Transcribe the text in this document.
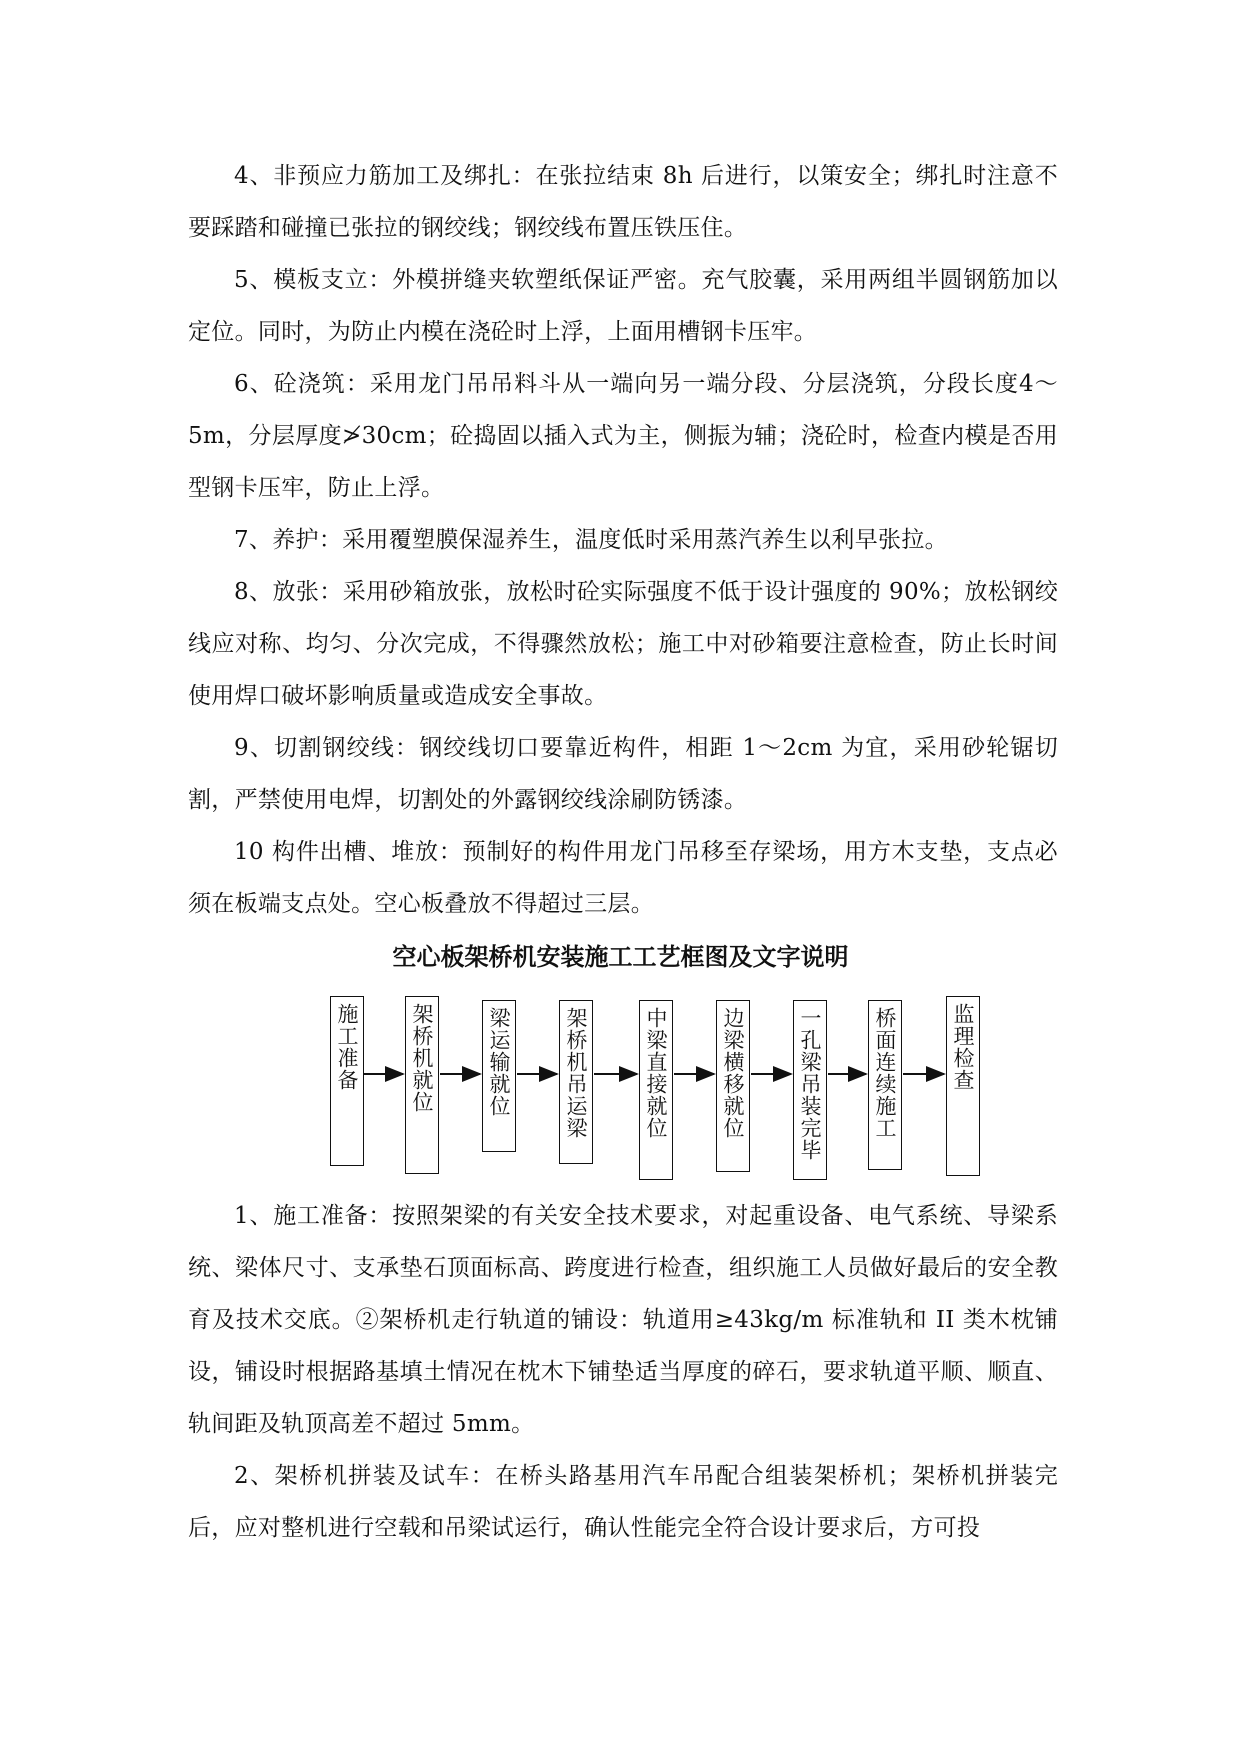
4、非预应力筋加工及绑扎：在张拉结束 8h 后进行，以策安全；绑扎时注意不要踩踏和碰撞已张拉的钢绞线；钢绞线布置压铁压住。

5、模板支立：外模拼缝夹软塑纸保证严密。充气胶囊，采用两组半圆钢筋加以定位。同时，为防止内模在浇砼时上浮，上面用槽钢卡压牢。

6、砼浇筑：采用龙门吊吊料斗从一端向另一端分段、分层浇筑，分段长度4～5m，分层厚度≯30cm；砼捣固以插入式为主，侧振为辅；浇砼时，检查内模是否用型钢卡压牢，防止上浮。

7、养护：采用覆塑膜保湿养生，温度低时采用蒸汽养生以利早张拉。

8、放张：采用砂箱放张，放松时砼实际强度不低于设计强度的 90%；放松钢绞线应对称、均匀、分次完成，不得骤然放松；施工中对砂箱要注意检查，防止长时间使用焊口破坏影响质量或造成安全事故。

9、切割钢绞线：钢绞线切口要靠近构件，相距 1～2cm 为宜，采用砂轮锯切割，严禁使用电焊，切割处的外露钢绞线涂刷防锈漆。

10 构件出槽、堆放：预制好的构件用龙门吊移至存梁场，用方木支垫，支点必须在板端支点处。空心板叠放不得超过三层。

空心板架桥机安装施工工艺框图及文字说明
施工准备 架桥机就位	梁运输就位	架桥机吊运梁	中梁直接就位	边梁横移就位	一孔梁吊装完毕 桥面连续施工	监理检查

1、施工准备：按照架梁的有关安全技术要求，对起重设备、电气系统、导梁系统、梁体尺寸、支承垫石顶面标高、跨度进行检查，组织施工人员做好最后的安全教育及技术交底。②架桥机走行轨道的铺设：轨道用≥43kg/m 标准轨和 II 类木枕铺设，铺设时根据路基填土情况在枕木下铺垫适当厚度的碎石，要求轨道平顺、顺直、轨间距及轨顶高差不超过 5mm。

2、架桥机拼装及试车：在桥头路基用汽车吊配合组装架桥机；架桥机拼装完后，应对整机进行空载和吊梁试运行，确认性能完全符合设计要求后，方可投
